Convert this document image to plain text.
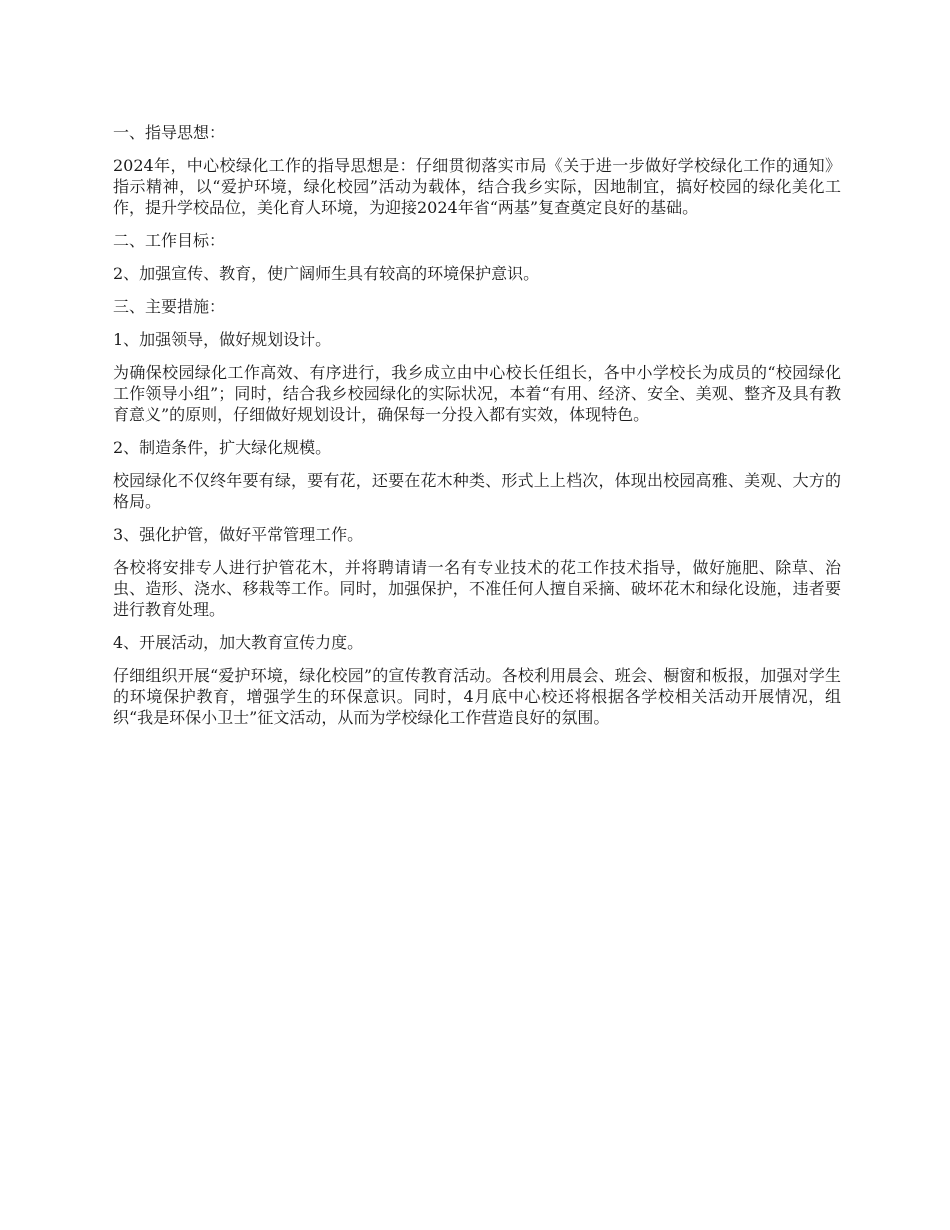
一、指导思想：

2024年，中心校绿化工作的指导思想是：仔细贯彻落实市局《关于进一步做好学校绿化工作的通知》指示精神，以“爱护环境，绿化校园”活动为载体，结合我乡实际，因地制宜，搞好校园的绿化美化工作，提升学校品位，美化育人环境，为迎接2024年省“两基”复查奠定良好的基础。

二、工作目标：

2、加强宣传、教育，使广阔师生具有较高的环境保护意识。

三、主要措施：

1、加强领导，做好规划设计。

为确保校园绿化工作高效、有序进行，我乡成立由中心校长任组长，各中小学校长为成员的“校园绿化工作领导小组”；同时，结合我乡校园绿化的实际状况，本着“有用、经济、安全、美观、整齐及具有教育意义”的原则，仔细做好规划设计，确保每一分投入都有实效，体现特色。

2、制造条件，扩大绿化规模。

校园绿化不仅终年要有绿，要有花，还要在花木种类、形式上上档次，体现出校园高雅、美观、大方的格局。

3、强化护管，做好平常管理工作。

各校将安排专人进行护管花木，并将聘请请一名有专业技术的花工作技术指导，做好施肥、除草、治虫、造形、浇水、移栽等工作。同时，加强保护，不准任何人擅自采摘、破坏花木和绿化设施，违者要进行教育处理。

4、开展活动，加大教育宣传力度。

仔细组织开展“爱护环境，绿化校园”的宣传教育活动。各校利用晨会、班会、橱窗和板报，加强对学生的环境保护教育，增强学生的环保意识。同时，4月底中心校还将根据各学校相关活动开展情况，组织“我是环保小卫士”征文活动，从而为学校绿化工作营造良好的氛围。
